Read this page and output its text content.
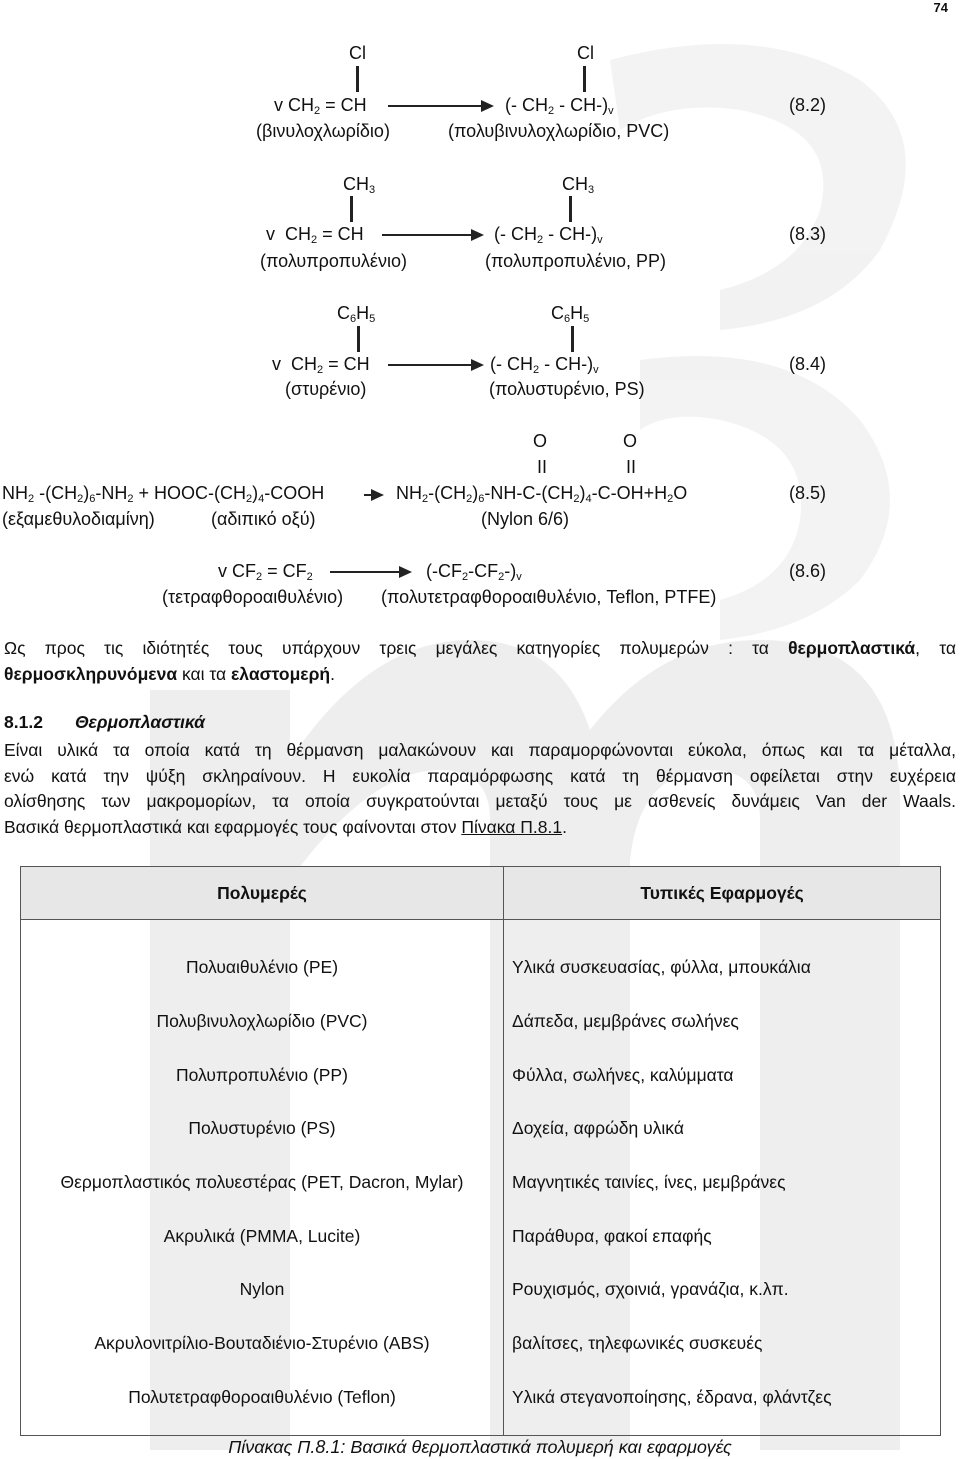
74
Cl	Cl
v $CH_2$ = CH	(- $CH_2 - CH-)_v$	(8.2)
(βινυλοχλωρίδιο)	(πολυβινυλοχλωρίδιο, PVC)
$CH_3$	$CH_3$
v  $CH_2$ = CH	(- $CH_2 - CH-)_v$	(8.3)
(πολυπροπυλένιο)	(πολυπροπυλένιο, PP)
$C_6H_5$	$C_6H_5$
v  $CH_2$ = CH	(- $CH_2 - CH-)_v$	(8.4)
(στυρένιο)	(πολυστυρένιο, PS)
O	O
II	II
$NH_2$ $-(CH_2)_6-NH_2$ + HOOC-$(CH_2)_4$-COOH	$NH_2-(CH_2)_6-NH-C-(CH_2)_4-C-OH+H_2O$	(8.5)
(εξαμεθυλοδιαμίνη)	(αδιπικό οξύ)	(Nylon 6/6)
v $CF_2 = CF_2$	$(-CF_2-CF_2-)_v$	(8.6)
(τετραφθοροαιθυλένιο) (πολυτετραφθοροαιθυλένιο, Teflon, PTFE)
Ως προς τις ιδιότητές τους υπάρχουν τρεις μεγάλες κατηγορίες πολυμερών : τα θερμοπλαστικά, τα
θερμοσκληρυνόμενα και τα ελαστομερή.
8.1.2 Θερμοπλαστικά
Είναι υλικά τα οποία κατά τη θέρμανση μαλακώνουν και παραμορφώνονται εύκολα, όπως και τα μέταλλα,
ενώ κατά την ψύξη σκληραίνουν. Η ευκολία παραμόρφωσης κατά τη θέρμανση οφείλεται στην ευχέρεια
ολίσθησης των μακρομορίων, τα οποία συγκρατούνται μεταξύ τους με ασθενείς δυνάμεις Van der Waals.
Βασικά θερμοπλαστικά και εφαρμογές τους φαίνονται στον Πίνακα Π.8.1.
Πολυμερές	Τυπικές Εφαρμογές
Πολυαιθυλένιο (PE)	Υλικά συσκευασίας, φύλλα, μπουκάλια
Πολυβινυλοχλωρίδιο (PVC)	Δάπεδα, μεμβράνες σωλήνες
Πολυπροπυλένιο (PP)	Φύλλα, σωλήνες, καλύμματα
Πολυστυρένιο (PS)	Δοχεία, αφρώδη υλικά
Θερμοπλαστικός πολυεστέρας (PET, Dacron, Mylar)	Μαγνητικές ταινίες, ίνες, μεμβράνες
Ακρυλικά (PMMA, Lucite)	Παράθυρα, φακοί επαφής
Nylon	Ρουχισμός, σχοινιά, γρανάζια, κ.λπ.
Ακρυλονιτρίλιο-Βουταδιένιο-Στυρένιο (ABS)	βαλίτσες, τηλεφωνικές συσκευές
Πολυτετραφθοροαιθυλένιο (Teflon)	Υλικά στεγανοποίησης, έδρανα, φλάντζες
Πίνακας Π.8.1: Βασικά θερμοπλαστικά πολυμερή και εφαρμογές
